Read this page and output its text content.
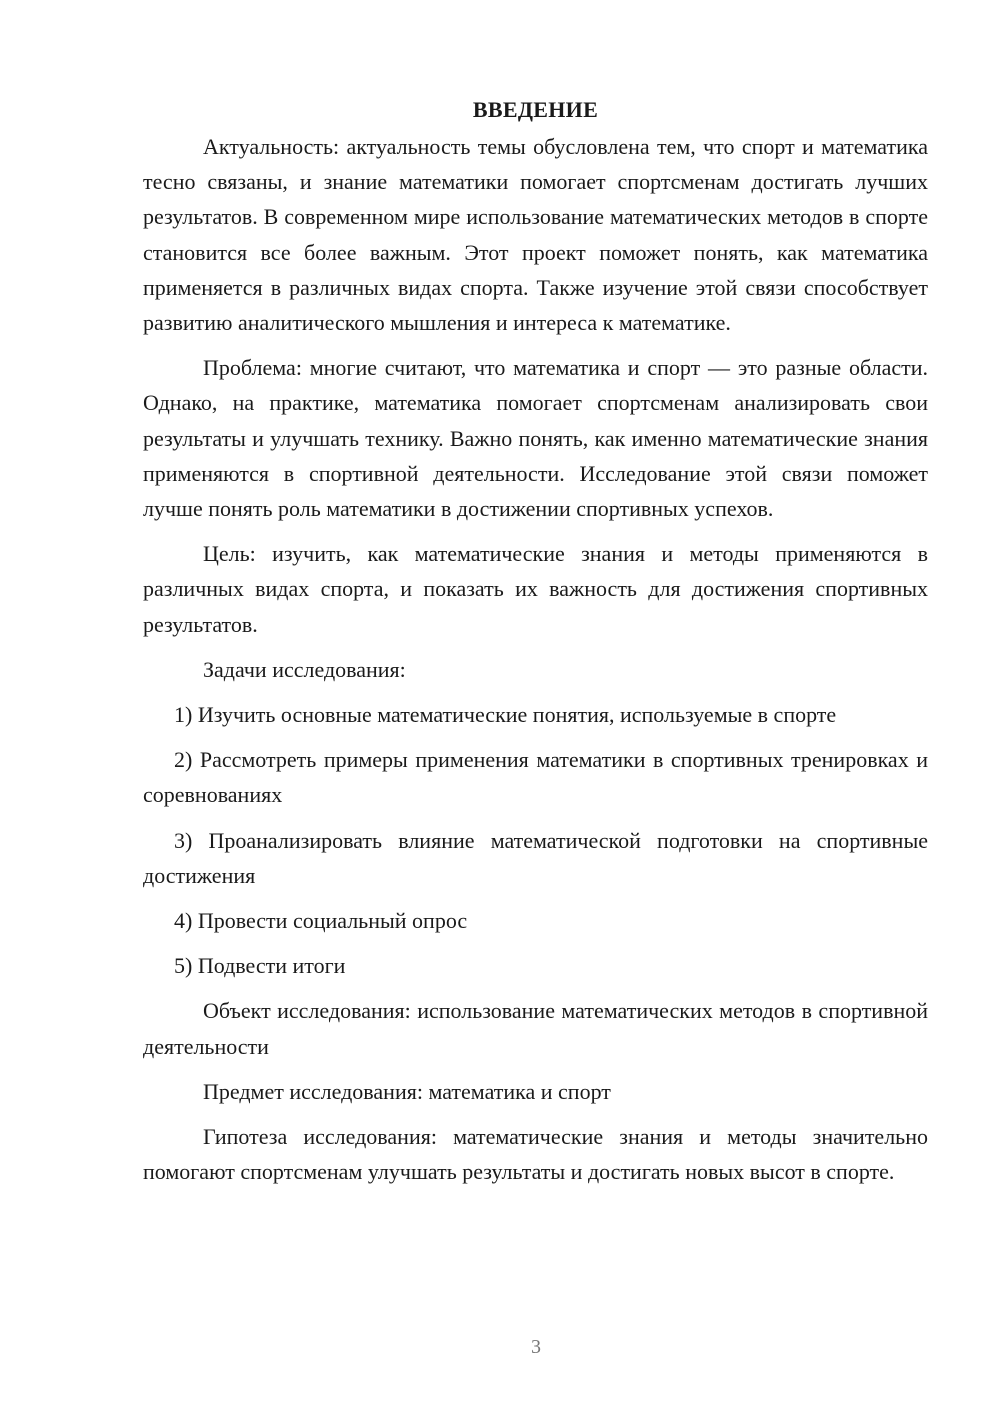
ВВЕДЕНИЕ

Актуальность: актуальность темы обусловлена тем, что спорт и математика тесно связаны, и знание математики помогает спортсменам достигать лучших результатов. В современном мире использование математических методов в спорте становится все более важным. Этот проект поможет понять, как математика применяется в различных видах спорта. Также изучение этой связи способствует развитию аналитического мышления и интереса к математике.

Проблема: многие считают, что математика и спорт — это разные области. Однако, на практике, математика помогает спортсменам анализировать свои результаты и улучшать технику. Важно понять, как именно математические знания применяются в спортивной деятельности. Исследование этой связи поможет лучше понять роль математики в достижении спортивных успехов.

Цель: изучить, как математические знания и методы применяются в различных видах спорта, и показать их важность для достижения спортивных результатов.

Задачи исследования:

1) Изучить основные математические понятия, используемые в спорте

2) Рассмотреть примеры применения математики в спортивных тренировках и соревнованиях

3) Проанализировать влияние математической подготовки на спортивные достижения

4) Провести социальный опрос

5) Подвести итоги

Объект исследования: использование математических методов в спортивной деятельности

Предмет исследования: математика и спорт

Гипотеза исследования: математические знания и методы значительно помогают спортсменам улучшать результаты и достигать новых высот в спорте.

3
